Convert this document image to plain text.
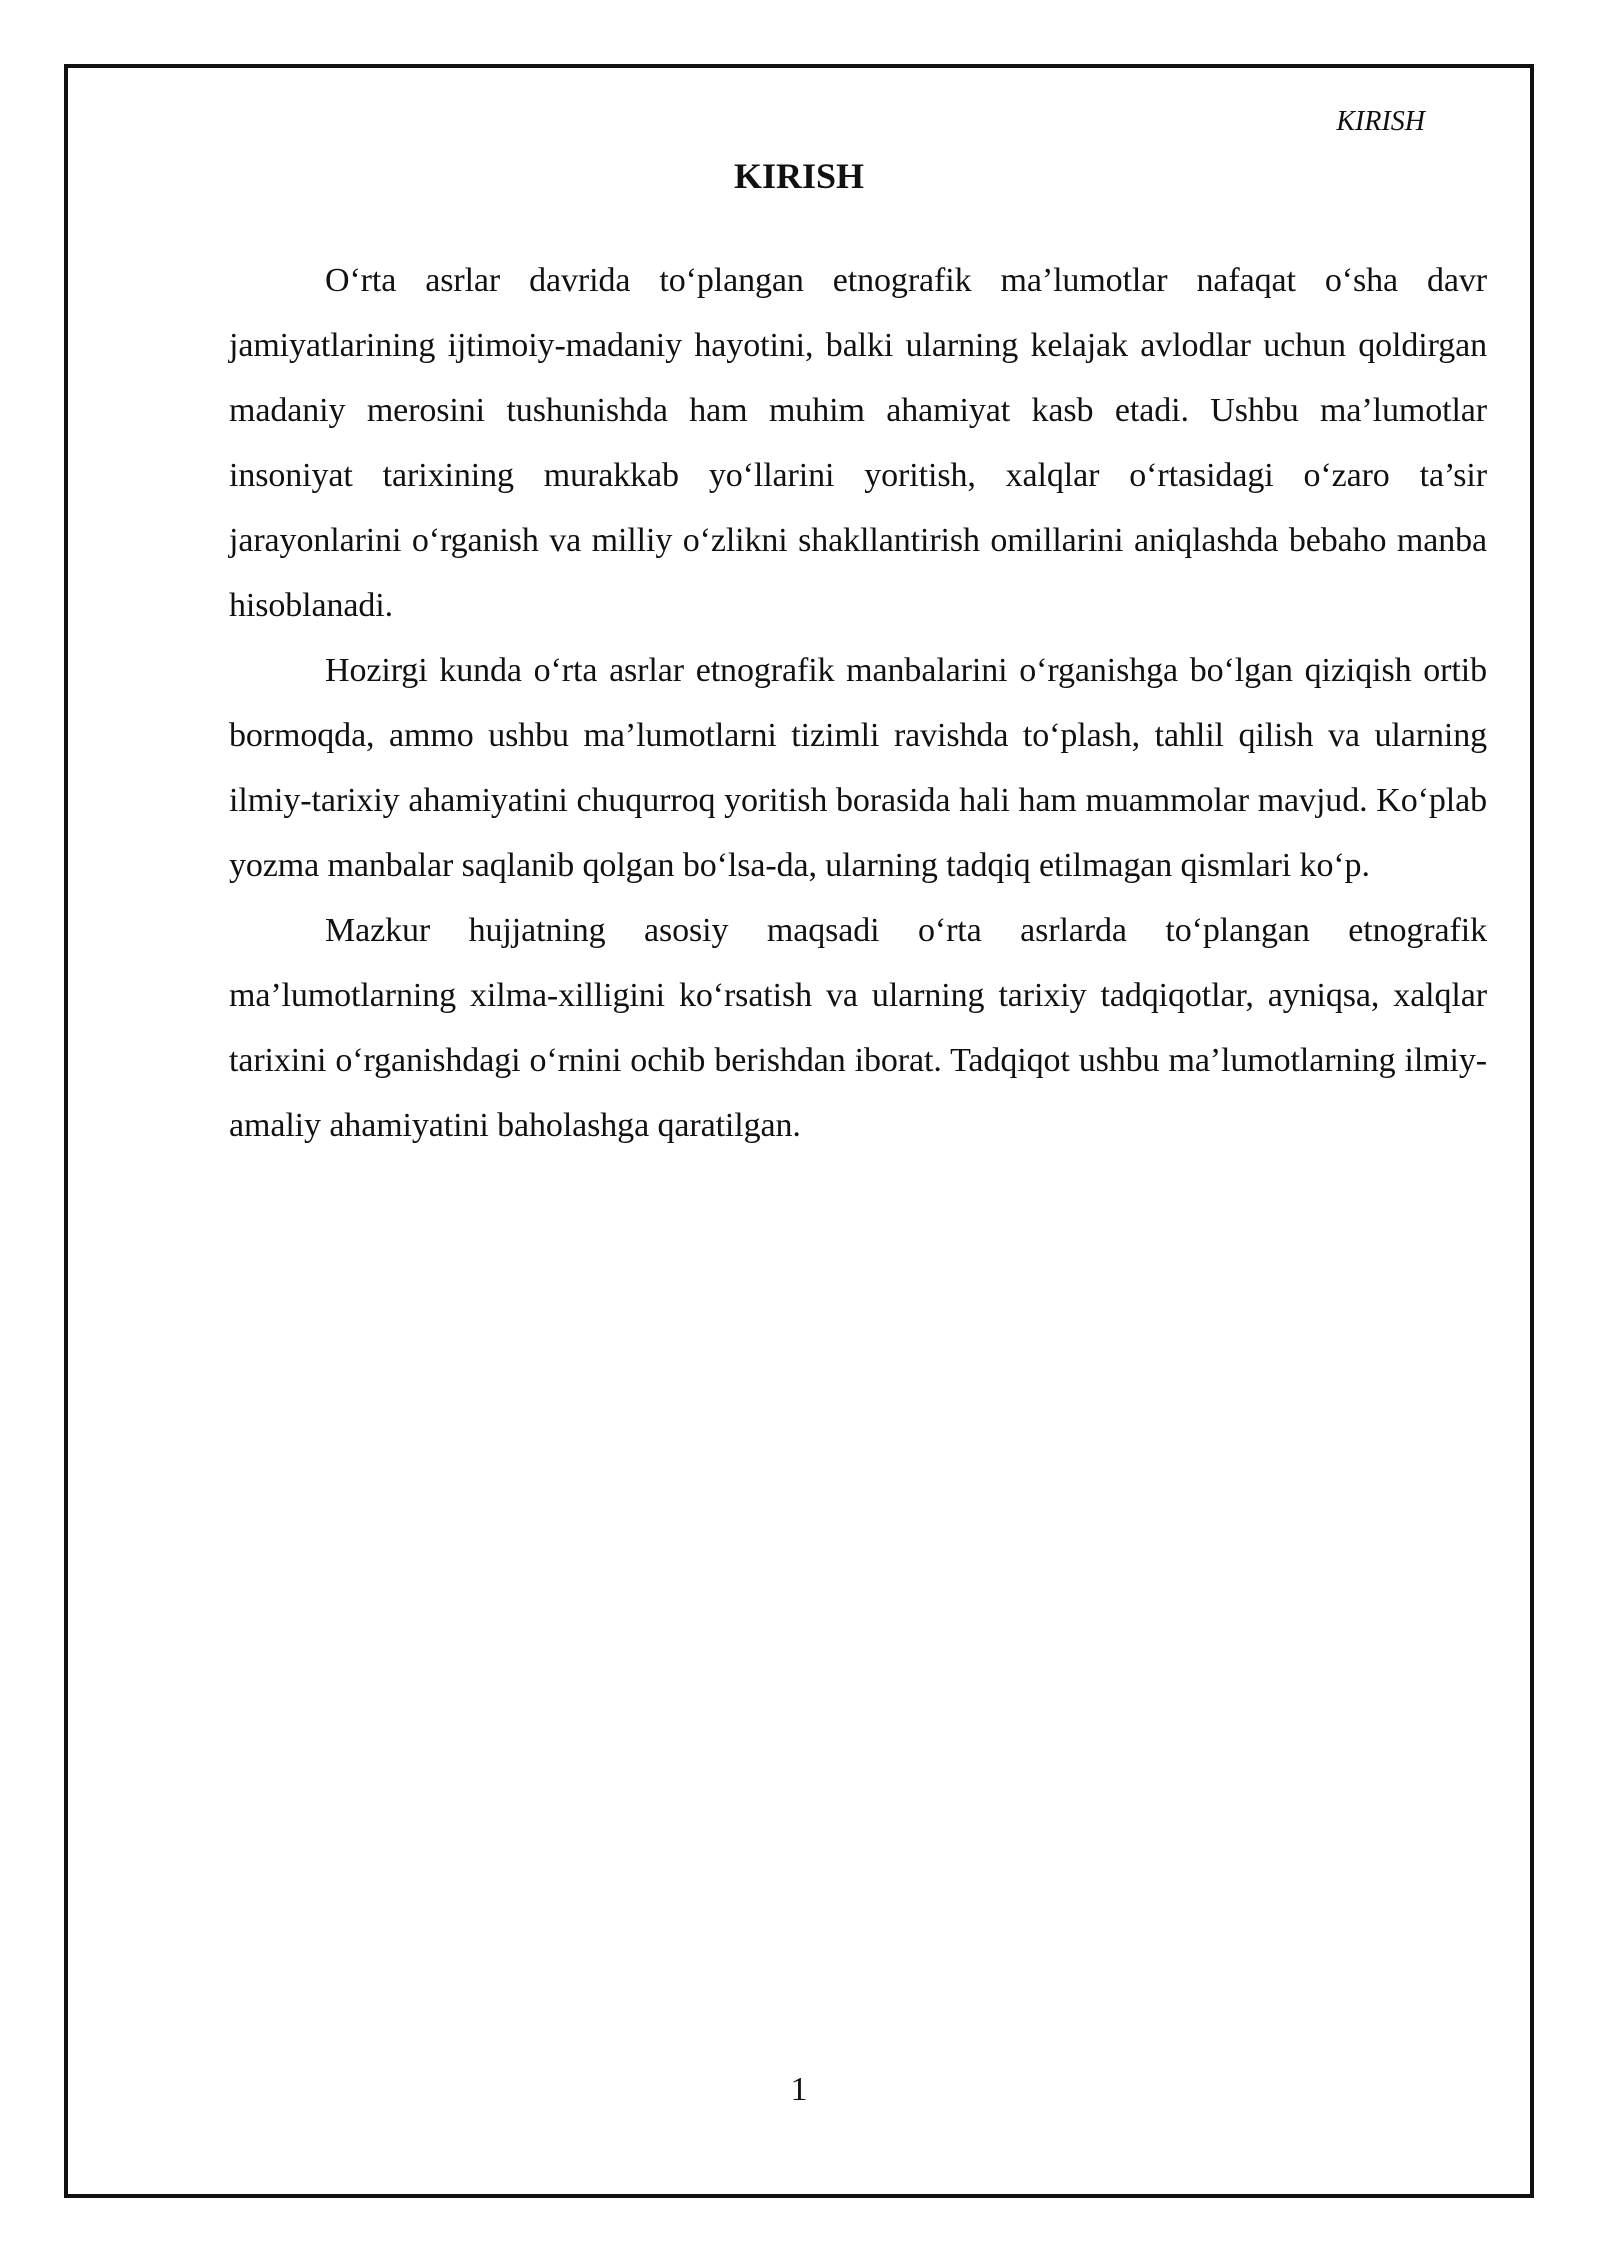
KIRISH

KIRISH

O‘rta asrlar davrida to‘plangan etnografik ma’lumotlar nafaqat o‘sha davr jamiyatlarining ijtimoiy-madaniy hayotini, balki ularning kelajak avlodlar uchun qoldirgan madaniy merosini tushunishda ham muhim ahamiyat kasb etadi. Ushbu ma’lumotlar insoniyat tarixining murakkab yo‘llarini yoritish, xalqlar o‘rtasidagi o‘zaro ta’sir jarayonlarini o‘rganish va milliy o‘zlikni shakllantirish omillarini aniqlashda bebaho manba hisoblanadi.

Hozirgi kunda o‘rta asrlar etnografik manbalarini o‘rganishga bo‘lgan qiziqish ortib bormoqda, ammo ushbu ma’lumotlarni tizimli ravishda to‘plash, tahlil qilish va ularning ilmiy-tarixiy ahamiyatini chuqurroq yoritish borasida hali ham muammolar mavjud. Ko‘plab yozma manbalar saqlanib qolgan bo‘lsa-da, ularning tadqiq etilmagan qismlari ko‘p.

Mazkur hujjatning asosiy maqsadi o‘rta asrlarda to‘plangan etnografik ma’lumotlarning xilma-xilligini ko‘rsatish va ularning tarixiy tadqiqotlar, ayniqsa, xalqlar tarixini o‘rganishdagi o‘rnini ochib berishdan iborat. Tadqiqot ushbu ma’lumotlarning ilmiy-amaliy ahamiyatini baholashga qaratilgan.

1
